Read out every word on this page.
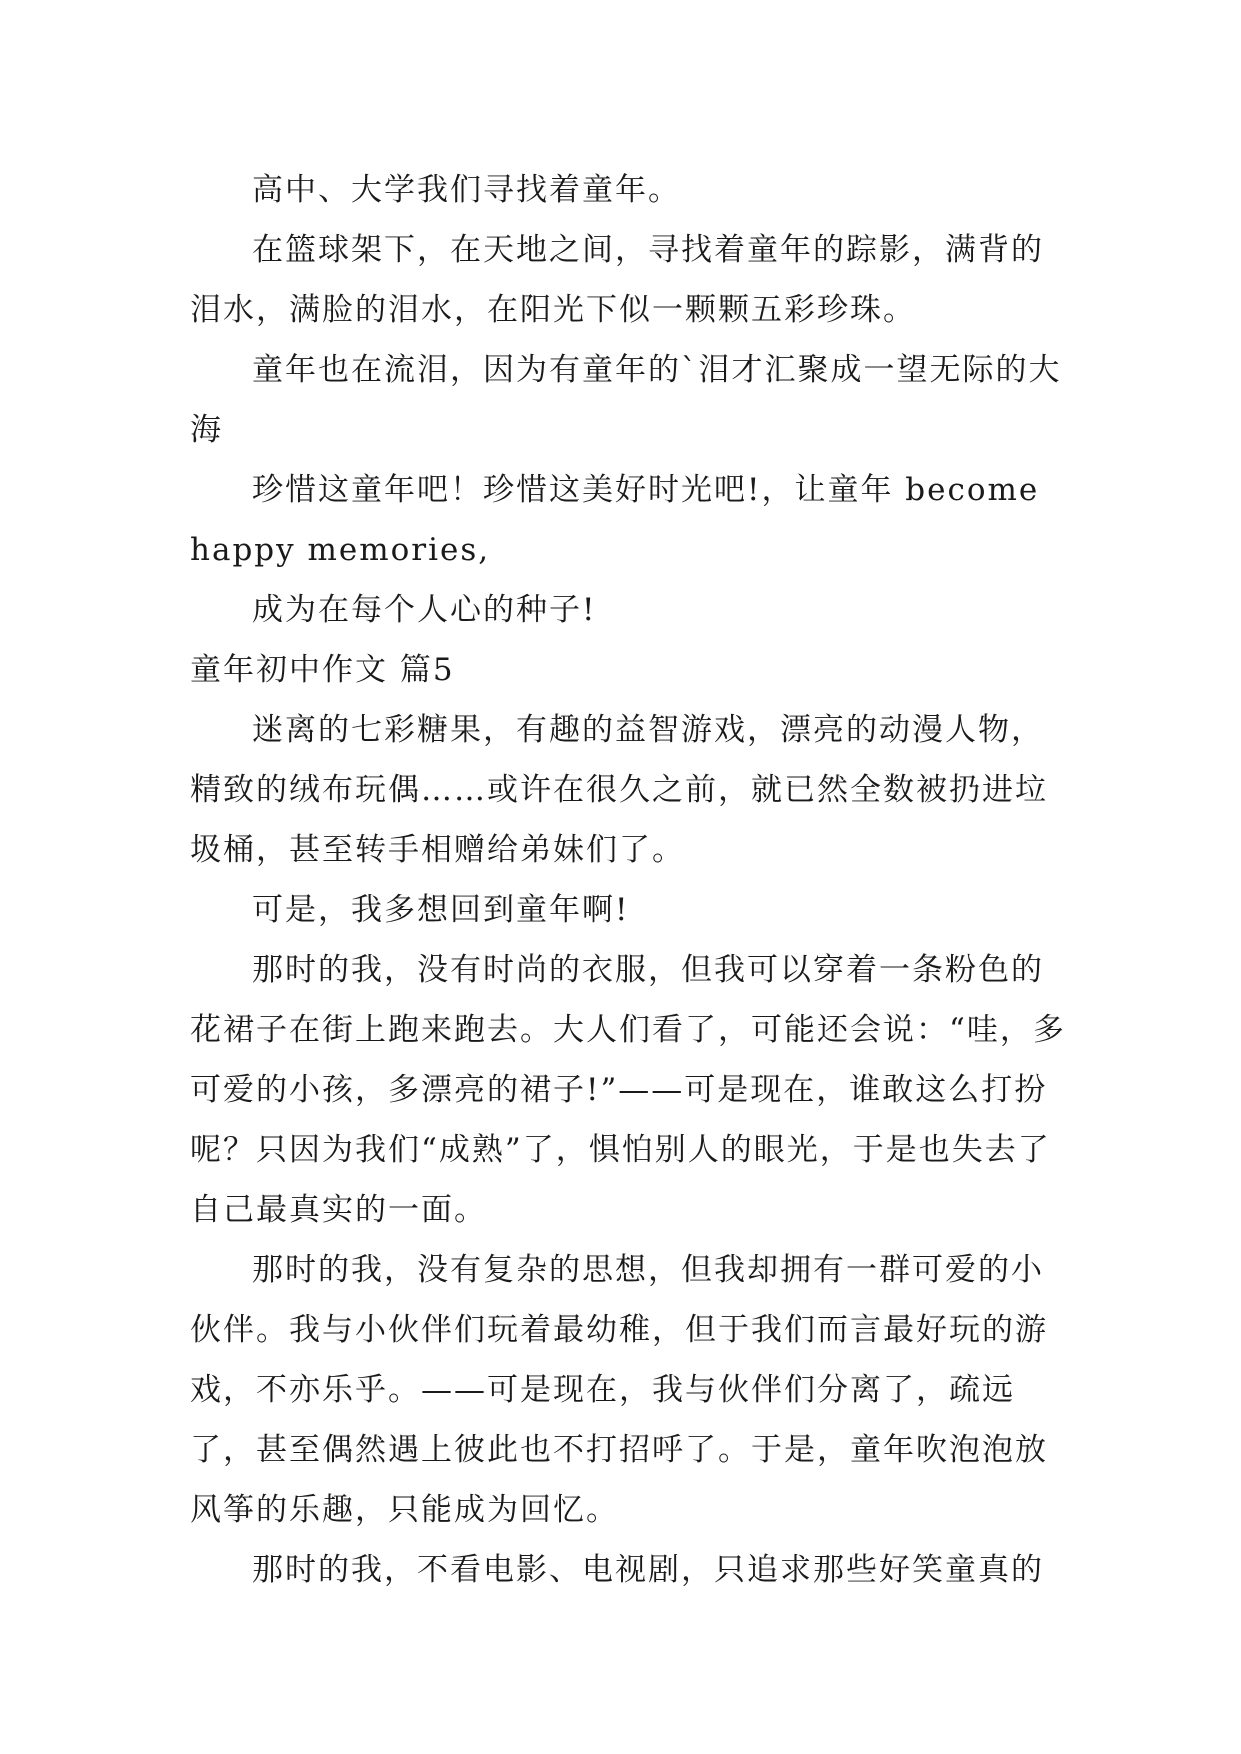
高中、大学我们寻找着童年。

在篮球架下，在天地之间，寻找着童年的踪影，满背的泪水，满脸的泪水，在阳光下似一颗颗五彩珍珠。

童年也在流泪，因为有童年的`泪才汇聚成一望无际的大海

珍惜这童年吧！珍惜这美好时光吧!，让童年 become happy memories,

成为在每个人心的种子!

童年初中作文 篇5

迷离的七彩糖果，有趣的益智游戏，漂亮的动漫人物，精致的绒布玩偶……或许在很久之前，就已然全数被扔进垃圾桶，甚至转手相赠给弟妹们了。

可是，我多想回到童年啊!

那时的我，没有时尚的衣服，但我可以穿着一条粉色的花裙子在街上跑来跑去。大人们看了，可能还会说：“哇，多可爱的小孩，多漂亮的裙子!”——可是现在，谁敢这么打扮呢？只因为我们“成熟”了，惧怕别人的眼光，于是也失去了自己最真实的一面。

那时的我，没有复杂的思想，但我却拥有一群可爱的小伙伴。我与小伙伴们玩着最幼稚，但于我们而言最好玩的游戏，不亦乐乎。——可是现在，我与伙伴们分离了，疏远了，甚至偶然遇上彼此也不打招呼了。于是，童年吹泡泡放风筝的乐趣，只能成为回忆。

那时的我，不看电影、电视剧，只追求那些好笑童真的
